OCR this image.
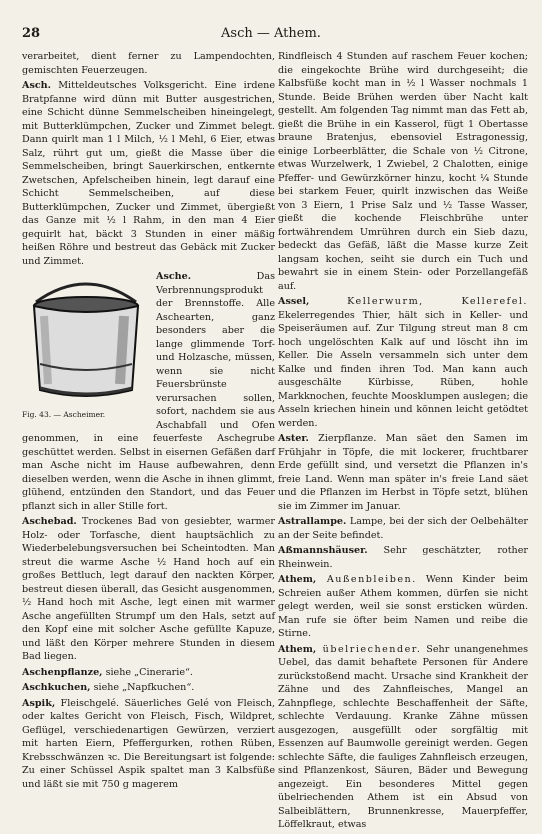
28	Asch — Athem.

verarbeitet, dient ferner zu Lampendochten, gemischten Feuerzeugen.

Asch. Mitteldeutsches Volksgericht. Eine irdene Bratpfanne wird dünn mit Butter ausgestrichen, eine Schicht dünne Semmelscheiben hineingelegt, mit Butterklümpchen, Zucker und Zimmet belegt. Dann quirlt man 1 l Milch, ½ l Mehl, 6 Eier, etwas Salz, rührt gut um, gießt die Masse über die Semmelscheiben, bringt Sauerkirschen, entkernte Zwetschen, Apfelscheiben hinein, legt darauf eine Schicht Semmelscheiben, auf diese Butterklümpchen, Zucker und Zimmet, übergießt das Ganze mit ½ l Rahm, in den man 4 Eier gequirlt hat, bäckt 3 Stunden in einer mäßig heißen Röhre und bestreut das Gebäck mit Zucker und Zimmet.

Fig. 43. — Ascheimer.
Asche. Das Verbrennungsprodukt der Brennstoffe. Alle Aschearten, ganz besonders aber die lange glimmende Torf- und Holzasche, müssen, wenn sie nicht Feuersbrünste verursachen sollen, sofort, nachdem sie aus Aschabfall und Ofen genommen, in eine feuerfeste Aschegrube geschüttet werden. Selbst in eisernen Gefäßen darf man Asche nicht im Hause aufbewahren, denn dieselben werden, wenn die Asche in ihnen glimmt, glühend, entzünden den Standort, und das Feuer pflanzt sich in aller Stille fort.

Aschebad. Trockenes Bad von gesiebter, warmer Holz- oder Torfasche, dient hauptsächlich zu Wiederbelebungsversuchen bei Scheintodten. Man streut die warme Asche ½ Hand hoch auf ein großes Bettluch, legt darauf den nackten Körper, bestreut diesen überall, das Gesicht ausgenommen, ½ Hand hoch mit Asche, legt einen mit warmer Asche angefüllten Strumpf um den Hals, setzt auf den Kopf eine mit solcher Asche gefüllte Kapuze, und läßt den Körper mehrere Stunden in diesem Bad liegen.

Aschenpflanze, siehe „Cinerarie“.

Aschkuchen, siehe „Napfkuchen“.

Aspik, Fleischgelé. Säuerliches Gelé von Fleisch, oder kaltes Gericht von Fleisch, Fisch, Wildpret, Geflügel, verschiedenartigen Gewürzen, verziert mit harten Eiern, Pfeffergurken, rothen Rüben, Krebsschwänzen ꝛc. Die Bereitungsart ist folgende: Zu einer Schüssel Aspik spaltet man 3 Kalbsfüße und läßt sie mit 750 g magerem

Rindfleisch 4 Stunden auf raschem Feuer kochen; die eingekochte Brühe wird durchgeseiht; die Kalbsfüße kocht man in ½ l Wasser nochmals 1 Stunde. Beide Brühen werden über Nacht kalt gestellt. Am folgenden Tag nimmt man das Fett ab, gießt die Brühe in ein Kasserol, fügt 1 Obertasse braune Bratenjus, ebensoviel Estragonessig, einige Lorbeerblätter, die Schale von ½ Citrone, etwas Wurzelwerk, 1 Zwiebel, 2 Chalotten, einige Pfeffer- und Gewürzkörner hinzu, kocht ¼ Stunde bei starkem Feuer, quirlt inzwischen das Weiße von 3 Eiern, 1 Prise Salz und ½ Tasse Wasser, gießt die kochende Fleischbrühe unter fortwährendem Umrühren durch ein Sieb dazu, bedeckt das Gefäß, läßt die Masse kurze Zeit langsam kochen, seiht sie durch ein Tuch und bewahrt sie in einem Stein- oder Porzellangefäß auf.

Assel, Kellerwurm, Kellerefel. Ekelerregendes Thier, hält sich in Keller- und Speiseräumen auf. Zur Tilgung streut man 8 cm hoch ungelöschten Kalk auf und löscht ihn im Keller. Die Asseln versammeln sich unter dem Kalke und finden ihren Tod. Man kann auch ausgeschälte Kürbisse, Rüben, hohle Markknochen, feuchte Moosklumpen auslegen; die Asseln kriechen hinein und können leicht getödtet werden.

Aster. Zierpflanze. Man säet den Samen im Frühjahr in Töpfe, die mit lockerer, fruchtbarer Erde gefüllt sind, und versetzt die Pflanzen in's freie Land. Wenn man später in's freie Land säet und die Pflanzen im Herbst in Töpfe setzt, blühen sie im Zimmer im Januar.

Astrallampe. Lampe, bei der sich der Oelbehälter an der Seite befindet.

Aßmannshäuser. Sehr geschätzter, rother Rheinwein.

Athem, Außenbleiben. Wenn Kinder beim Schreien außer Athem kommen, dürfen sie nicht gelegt werden, weil sie sonst ersticken würden. Man rufe sie öfter beim Namen und reibe die Stirne.

Athem, übelriechender. Sehr unangenehmes Uebel, das damit behaftete Personen für Andere zurückstoßend macht. Ursache sind Krankheit der Zähne und des Zahnfleisches, Mangel an Zahnpflege, schlechte Beschaffenheit der Säfte, schlechte Verdauung. Kranke Zähne müssen ausgezogen, ausgefüllt oder sorgfältig mit Essenzen auf Baumwolle gereinigt werden. Gegen schlechte Säfte, die fauliges Zahnfleisch erzeugen, sind Pflanzenkost, Säuren, Bäder und Bewegung angezeigt. Ein besonderes Mittel gegen übelriechenden Athem ist ein Absud von Salbeiblättern, Brunnenkresse, Mauerpfeffer, Löffelkraut, etwas
